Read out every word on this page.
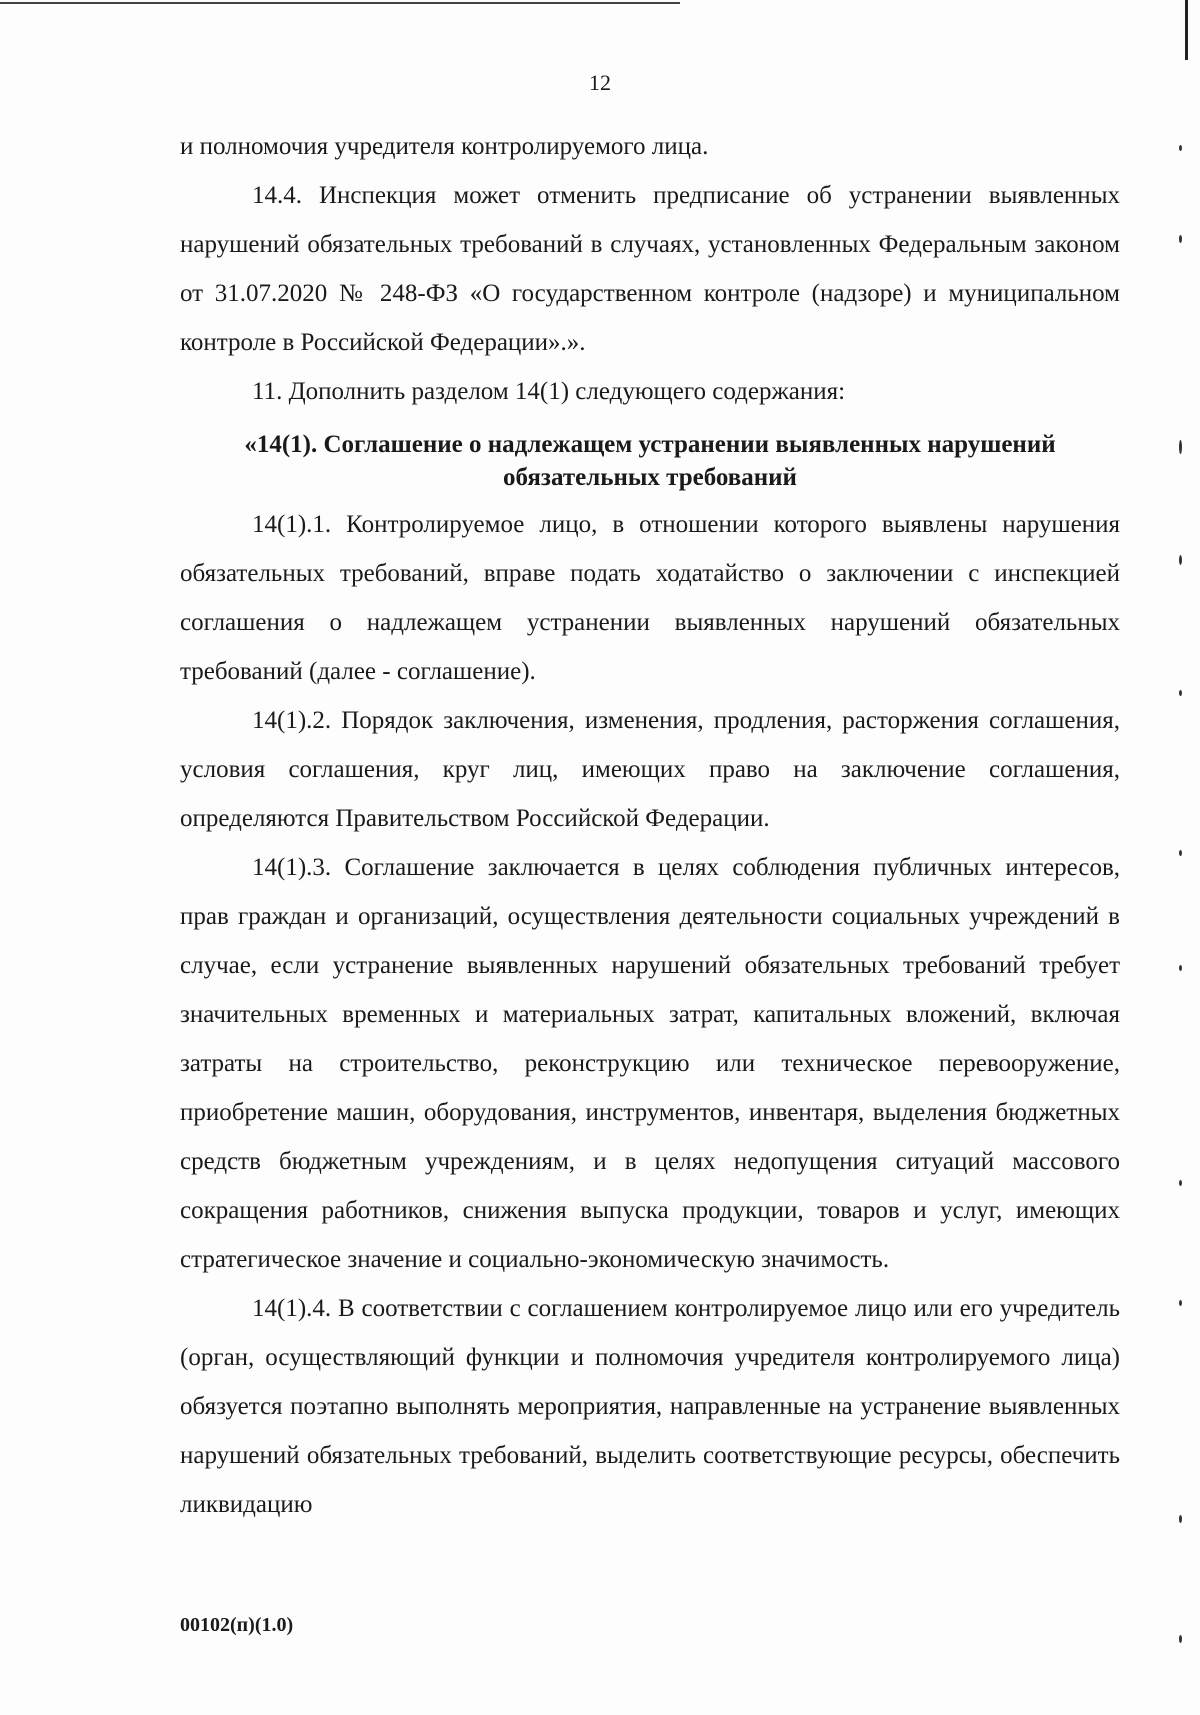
12

и полномочия учредителя контролируемого лица.

14.4. Инспекция может отменить предписание об устранении выявленных нарушений обязательных требований в случаях, установленных Федеральным законом от 31.07.2020 № 248-ФЗ «О государственном контроле (надзоре) и муниципальном контроле в Российской Федерации».».

11. Дополнить разделом 14(1) следующего содержания:

«14(1). Соглашение о надлежащем устранении выявленных нарушений обязательных требований

14(1).1. Контролируемое лицо, в отношении которого выявлены нарушения обязательных требований, вправе подать ходатайство о заключении с инспекцией соглашения о надлежащем устранении выявленных нарушений обязательных требований (далее - соглашение).

14(1).2. Порядок заключения, изменения, продления, расторжения соглашения, условия соглашения, круг лиц, имеющих право на заключение соглашения, определяются Правительством Российской Федерации.

14(1).3. Соглашение заключается в целях соблюдения публичных интересов, прав граждан и организаций, осуществления деятельности социальных учреждений в случае, если устранение выявленных нарушений обязательных требований требует значительных временных и материальных затрат, капитальных вложений, включая затраты на строительство, реконструкцию или техническое перевооружение, приобретение машин, оборудования, инструментов, инвентаря, выделения бюджетных средств бюджетным учреждениям, и в целях недопущения ситуаций массового сокращения работников, снижения выпуска продукции, товаров и услуг, имеющих стратегическое значение и социально-экономическую значимость.

14(1).4. В соответствии с соглашением контролируемое лицо или его учредитель (орган, осуществляющий функции и полномочия учредителя контролируемого лица) обязуется поэтапно выполнять мероприятия, направленные на устранение выявленных нарушений обязательных требований, выделить соответствующие ресурсы, обеспечить ликвидацию

00102(п)(1.0)
